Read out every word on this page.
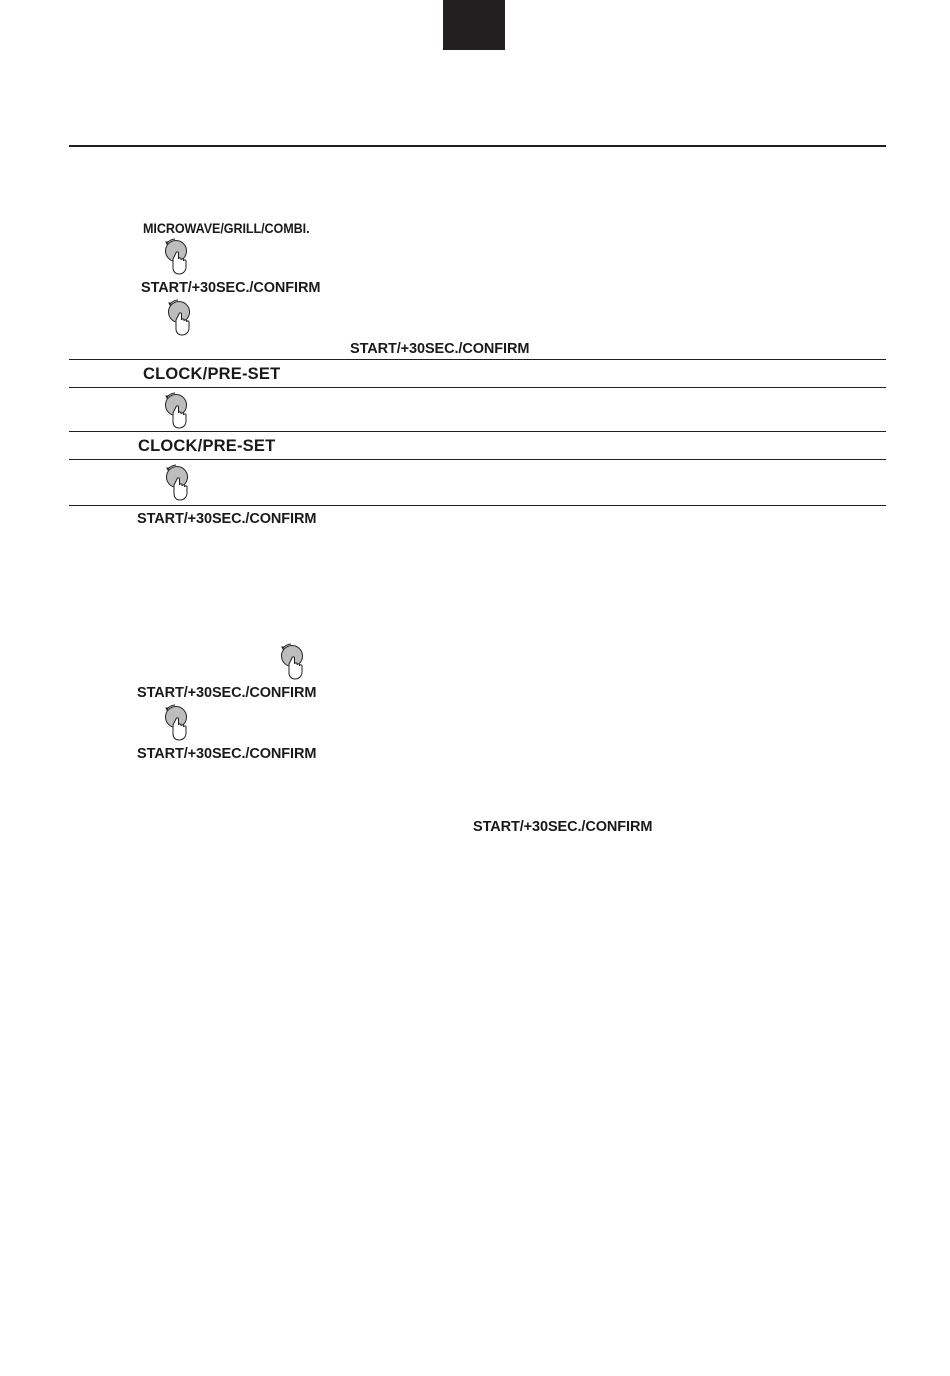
MICROWAVE/GRILL/COMBI.
START/+30SEC./CONFIRM
START/+30SEC./CONFIRM
CLOCK/PRE-SET
CLOCK/PRE-SET
START/+30SEC./CONFIRM
START/+30SEC./CONFIRM
START/+30SEC./CONFIRM
START/+30SEC./CONFIRM
